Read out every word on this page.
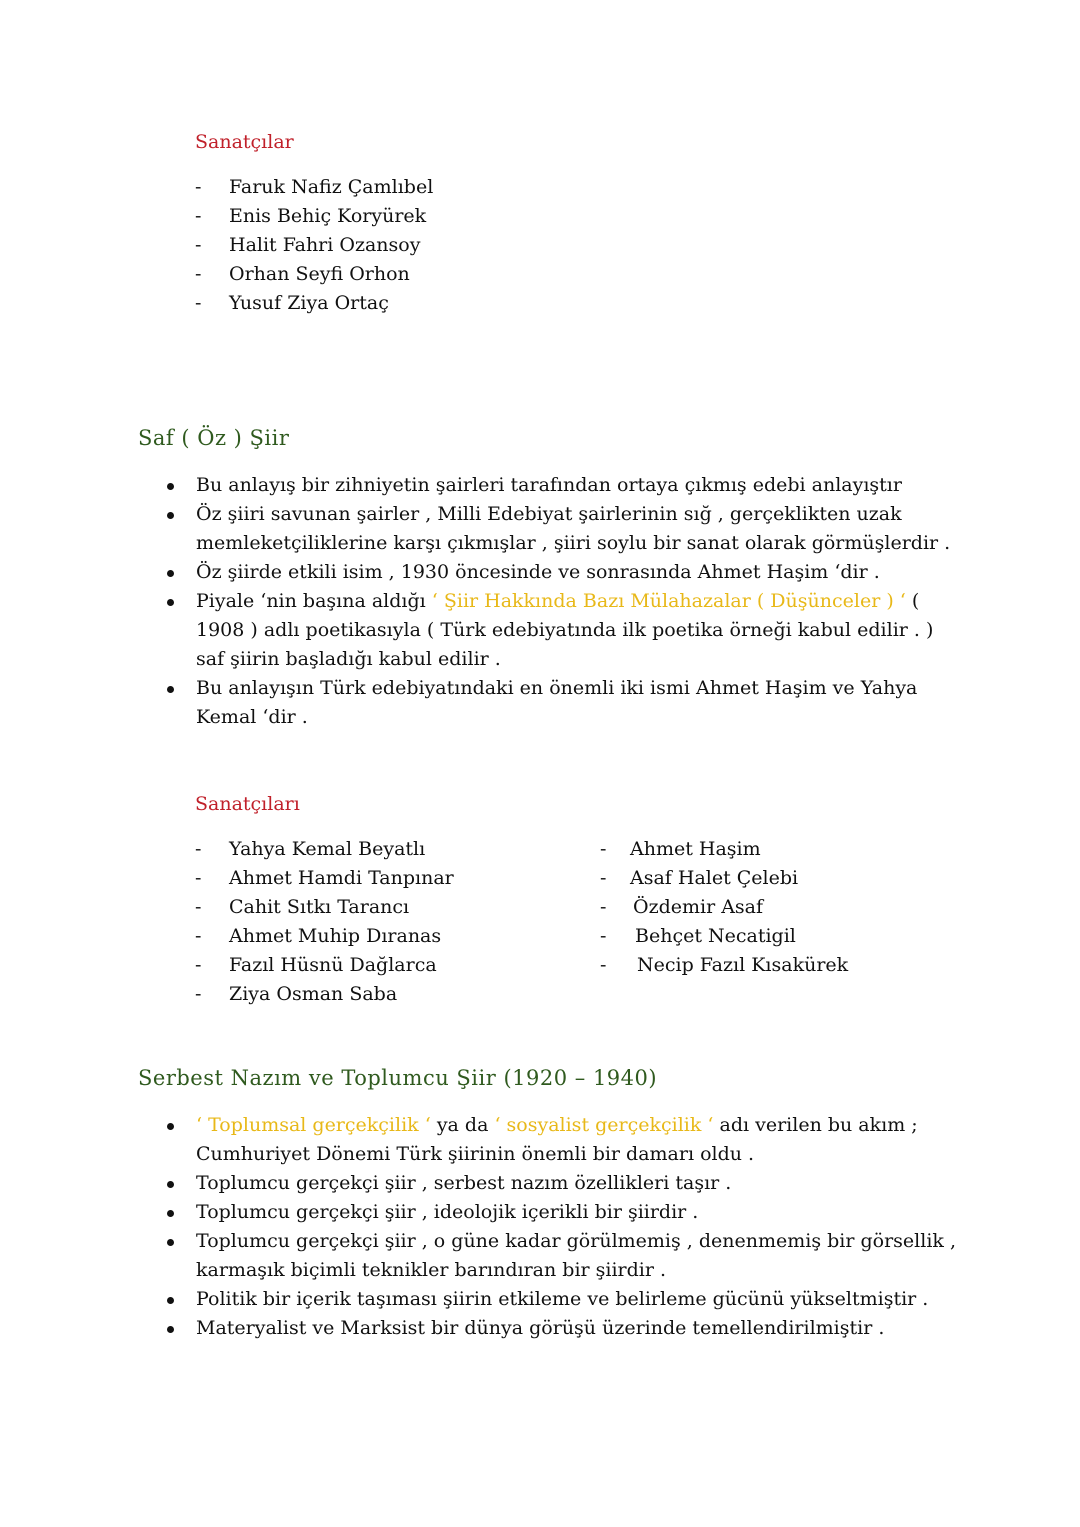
Sanatçılar
- Faruk Nafiz Çamlıbel
- Enis Behiç Koryürek
- Halit Fahri Ozansoy
- Orhan Seyfi Orhon
- Yusuf Ziya Ortaç
Saf ( Öz ) Şiir
Bu anlayış bir zihniyetin şairleri tarafından ortaya çıkmış edebi anlayıştır
Öz şiiri savunan şairler , Milli Edebiyat şairlerinin sığ , gerçeklikten uzak memleketçiliklerine karşı çıkmışlar , şiiri soylu bir sanat olarak görmüşlerdir .
Öz şiirde etkili isim , 1930 öncesinde ve sonrasında Ahmet Haşim ‘dir .
Piyale ‘nin başına aldığı ‘ Şiir Hakkında Bazı Mülahazalar ( Düşünceler ) ‘ ( 1908 ) adlı poetikasıyla ( Türk edebiyatında ilk poetika örneği kabul edilir . ) saf şiirin başladığı kabul edilir .
Bu anlayışın Türk edebiyatındaki en önemli iki ismi Ahmet Haşim ve Yahya Kemal ‘dir .
Sanatçıları
- Yahya Kemal Beyatlı
- Ahmet Hamdi Tanpınar
- Cahit Sıtkı Tarancı
- Ahmet Muhip Dıranas
- Fazıl Hüsnü Dağlarca
- Ziya Osman Saba
- Ahmet Haşim
- Asaf Halet Çelebi
- Özdemir Asaf
- Behçet Necatigil
- Necip Fazıl Kısakürek
Serbest Nazım ve Toplumcu Şiir (1920 – 1940)
‘ Toplumsal gerçekçilik ‘ ya da ‘ sosyalist gerçekçilik ‘ adı verilen bu akım ; Cumhuriyet Dönemi Türk şiirinin önemli bir damarı oldu .
Toplumcu gerçekçi şiir , serbest nazım özellikleri taşır .
Toplumcu gerçekçi şiir , ideolojik içerikli bir şiirdir .
Toplumcu gerçekçi şiir , o güne kadar görülmemiş , denenmemiş bir görsellik , karmaşık biçimli teknikler barındıran bir şiirdir .
Politik bir içerik taşıması şiirin etkileme ve belirleme gücünü yükseltmiştir .
Materyalist ve Marksist bir dünya görüşü üzerinde temellendirilmiştir .
